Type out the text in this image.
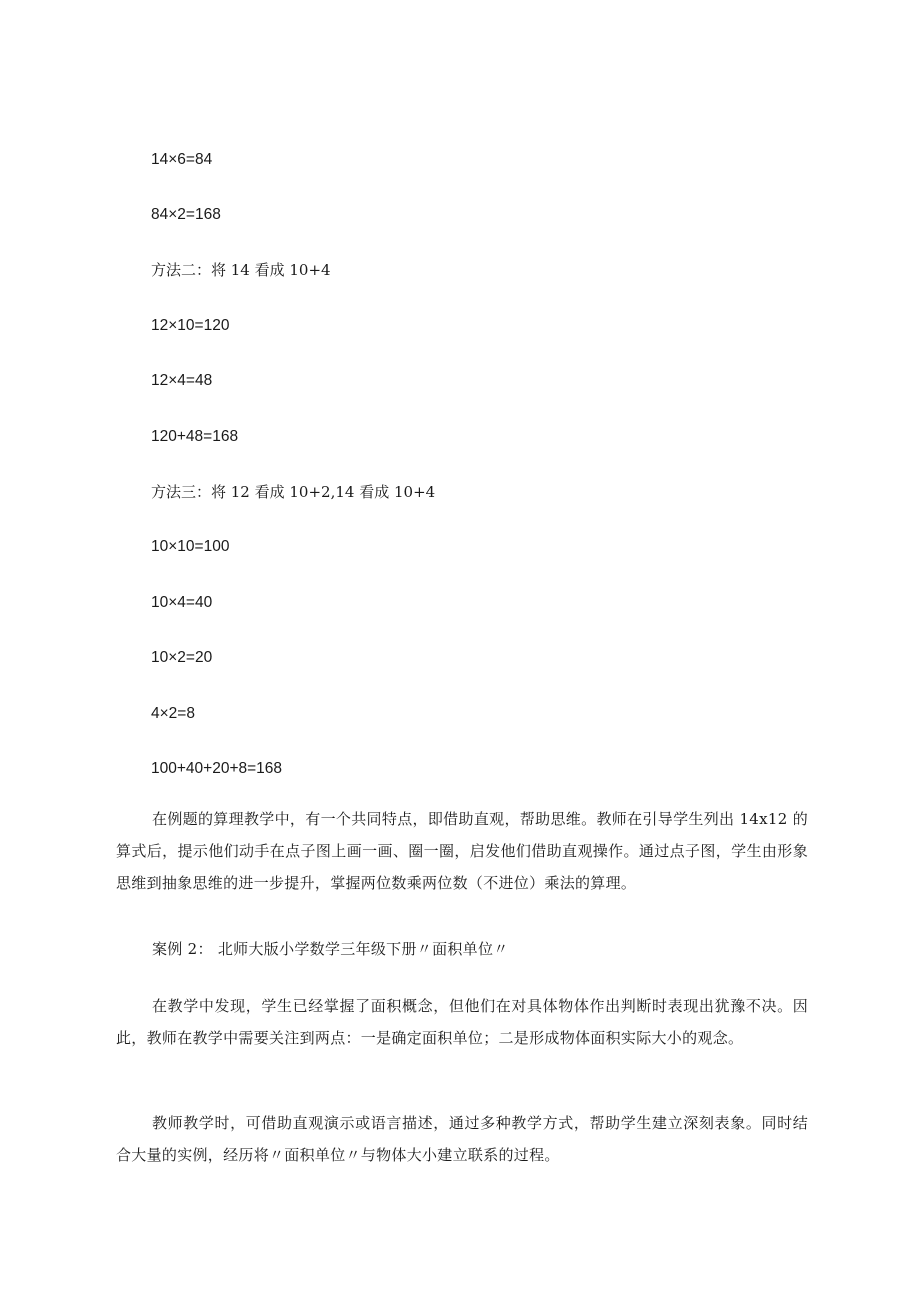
14×6=84
84×2=168
方法二：将 14 看成 10+4
12×10=120
12×4=48
120+48=168
方法三：将 12 看成 10+2,14 看成 10+4
10×10=100
10×4=40
10×2=20
4×2=8
100+40+20+8=168

在例题的算理教学中，有一个共同特点，即借助直观，帮助思维。教师在引导学生列出 14x12 的算式后，提示他们动手在点子图上画一画、圈一圈，启发他们借助直观操作。通过点子图，学生由形象思维到抽象思维的进一步提升，掌握两位数乘两位数（不进位）乘法的算理。

案例 2： 北师大版小学数学三年级下册〃面积单位〃

在教学中发现，学生已经掌握了面积概念，但他们在对具体物体作出判断时表现出犹豫不决。因此，教师在教学中需要关注到两点：一是确定面积单位；二是形成物体面积实际大小的观念。

教师教学时，可借助直观演示或语言描述，通过多种教学方式，帮助学生建立深刻表象。同时结合大量的实例，经历将〃面积单位〃与物体大小建立联系的过程。
